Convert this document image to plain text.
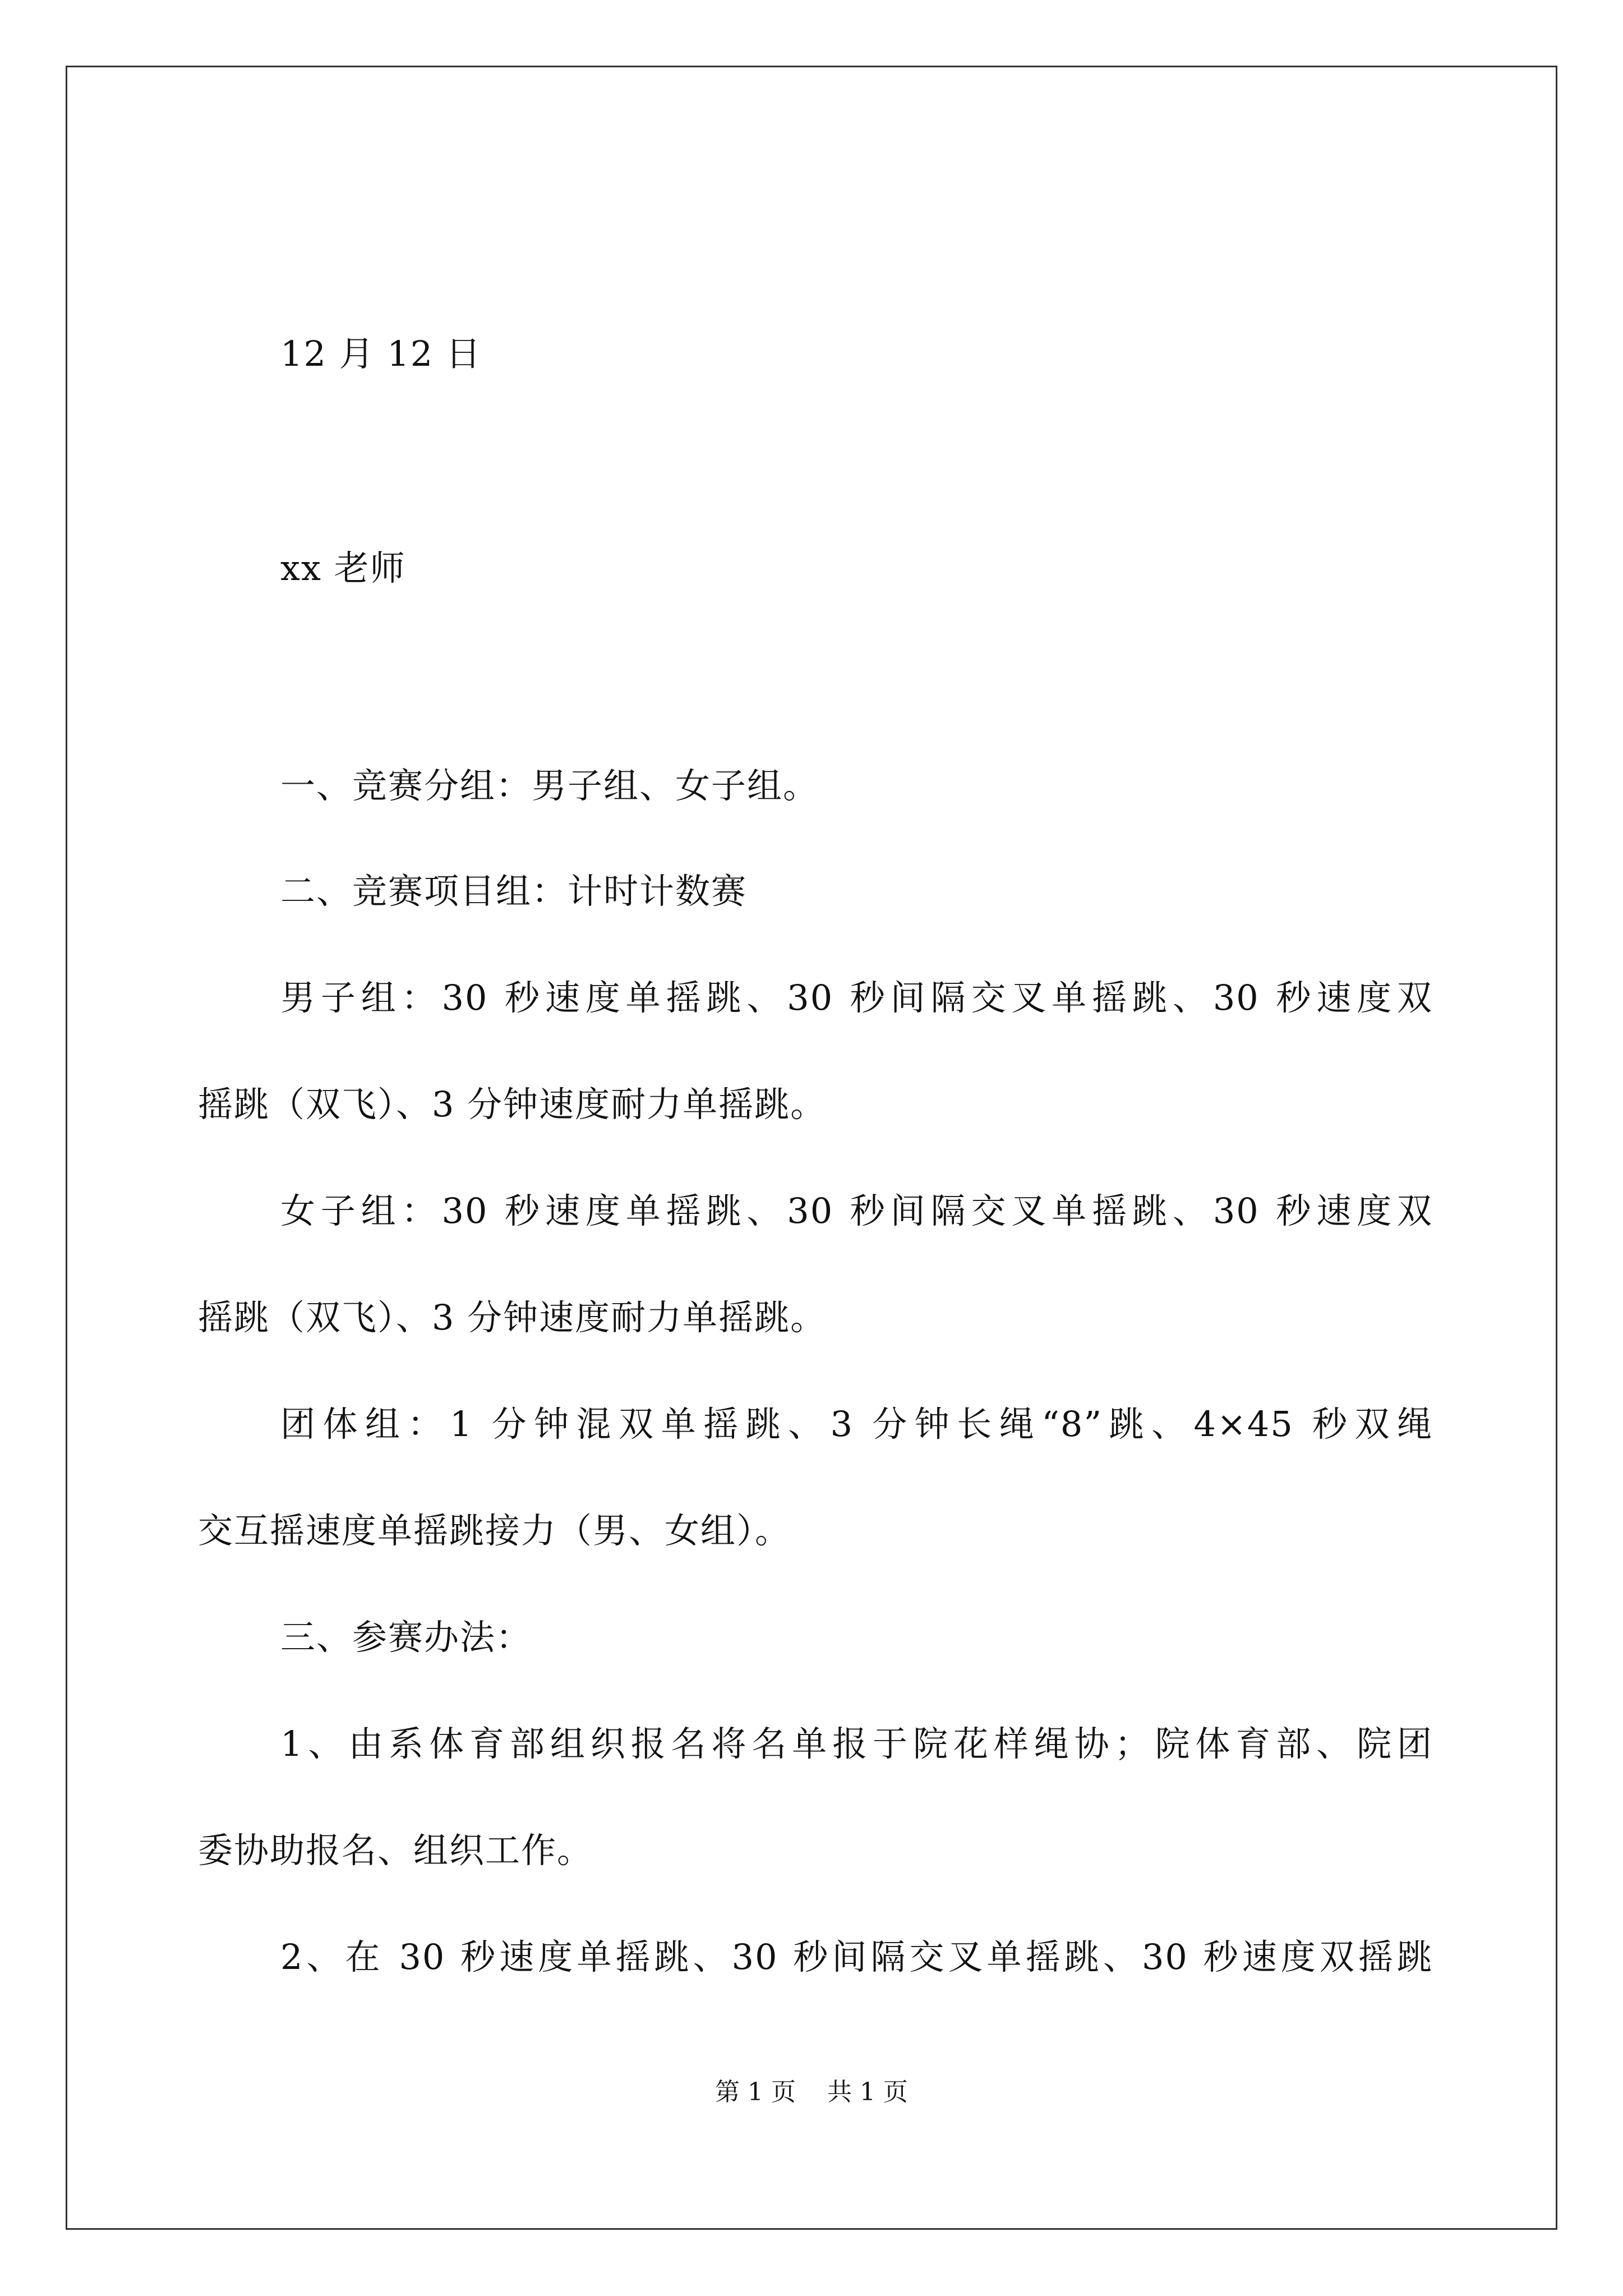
12 月 12 日
xx 老师
一、竞赛分组：男子组、女子组。
二、竞赛项目组：计时计数赛
男子组：30 秒速度单摇跳、30 秒间隔交叉单摇跳、30 秒速度双
摇跳（双飞）、3 分钟速度耐力单摇跳。
女子组：30 秒速度单摇跳、30 秒间隔交叉单摇跳、30 秒速度双
摇跳（双飞）、3 分钟速度耐力单摇跳。
团体组：1 分钟混双单摇跳、3 分钟长绳“8”跳、4×45 秒双绳
交互摇速度单摇跳接力（男、女组）。
三、参赛办法：
1、由系体育部组织报名将名单报于院花样绳协；院体育部、院团
委协助报名、组织工作。
2、在 30 秒速度单摇跳、30 秒间隔交叉单摇跳、30 秒速度双摇跳
第 1 页    共 1 页
